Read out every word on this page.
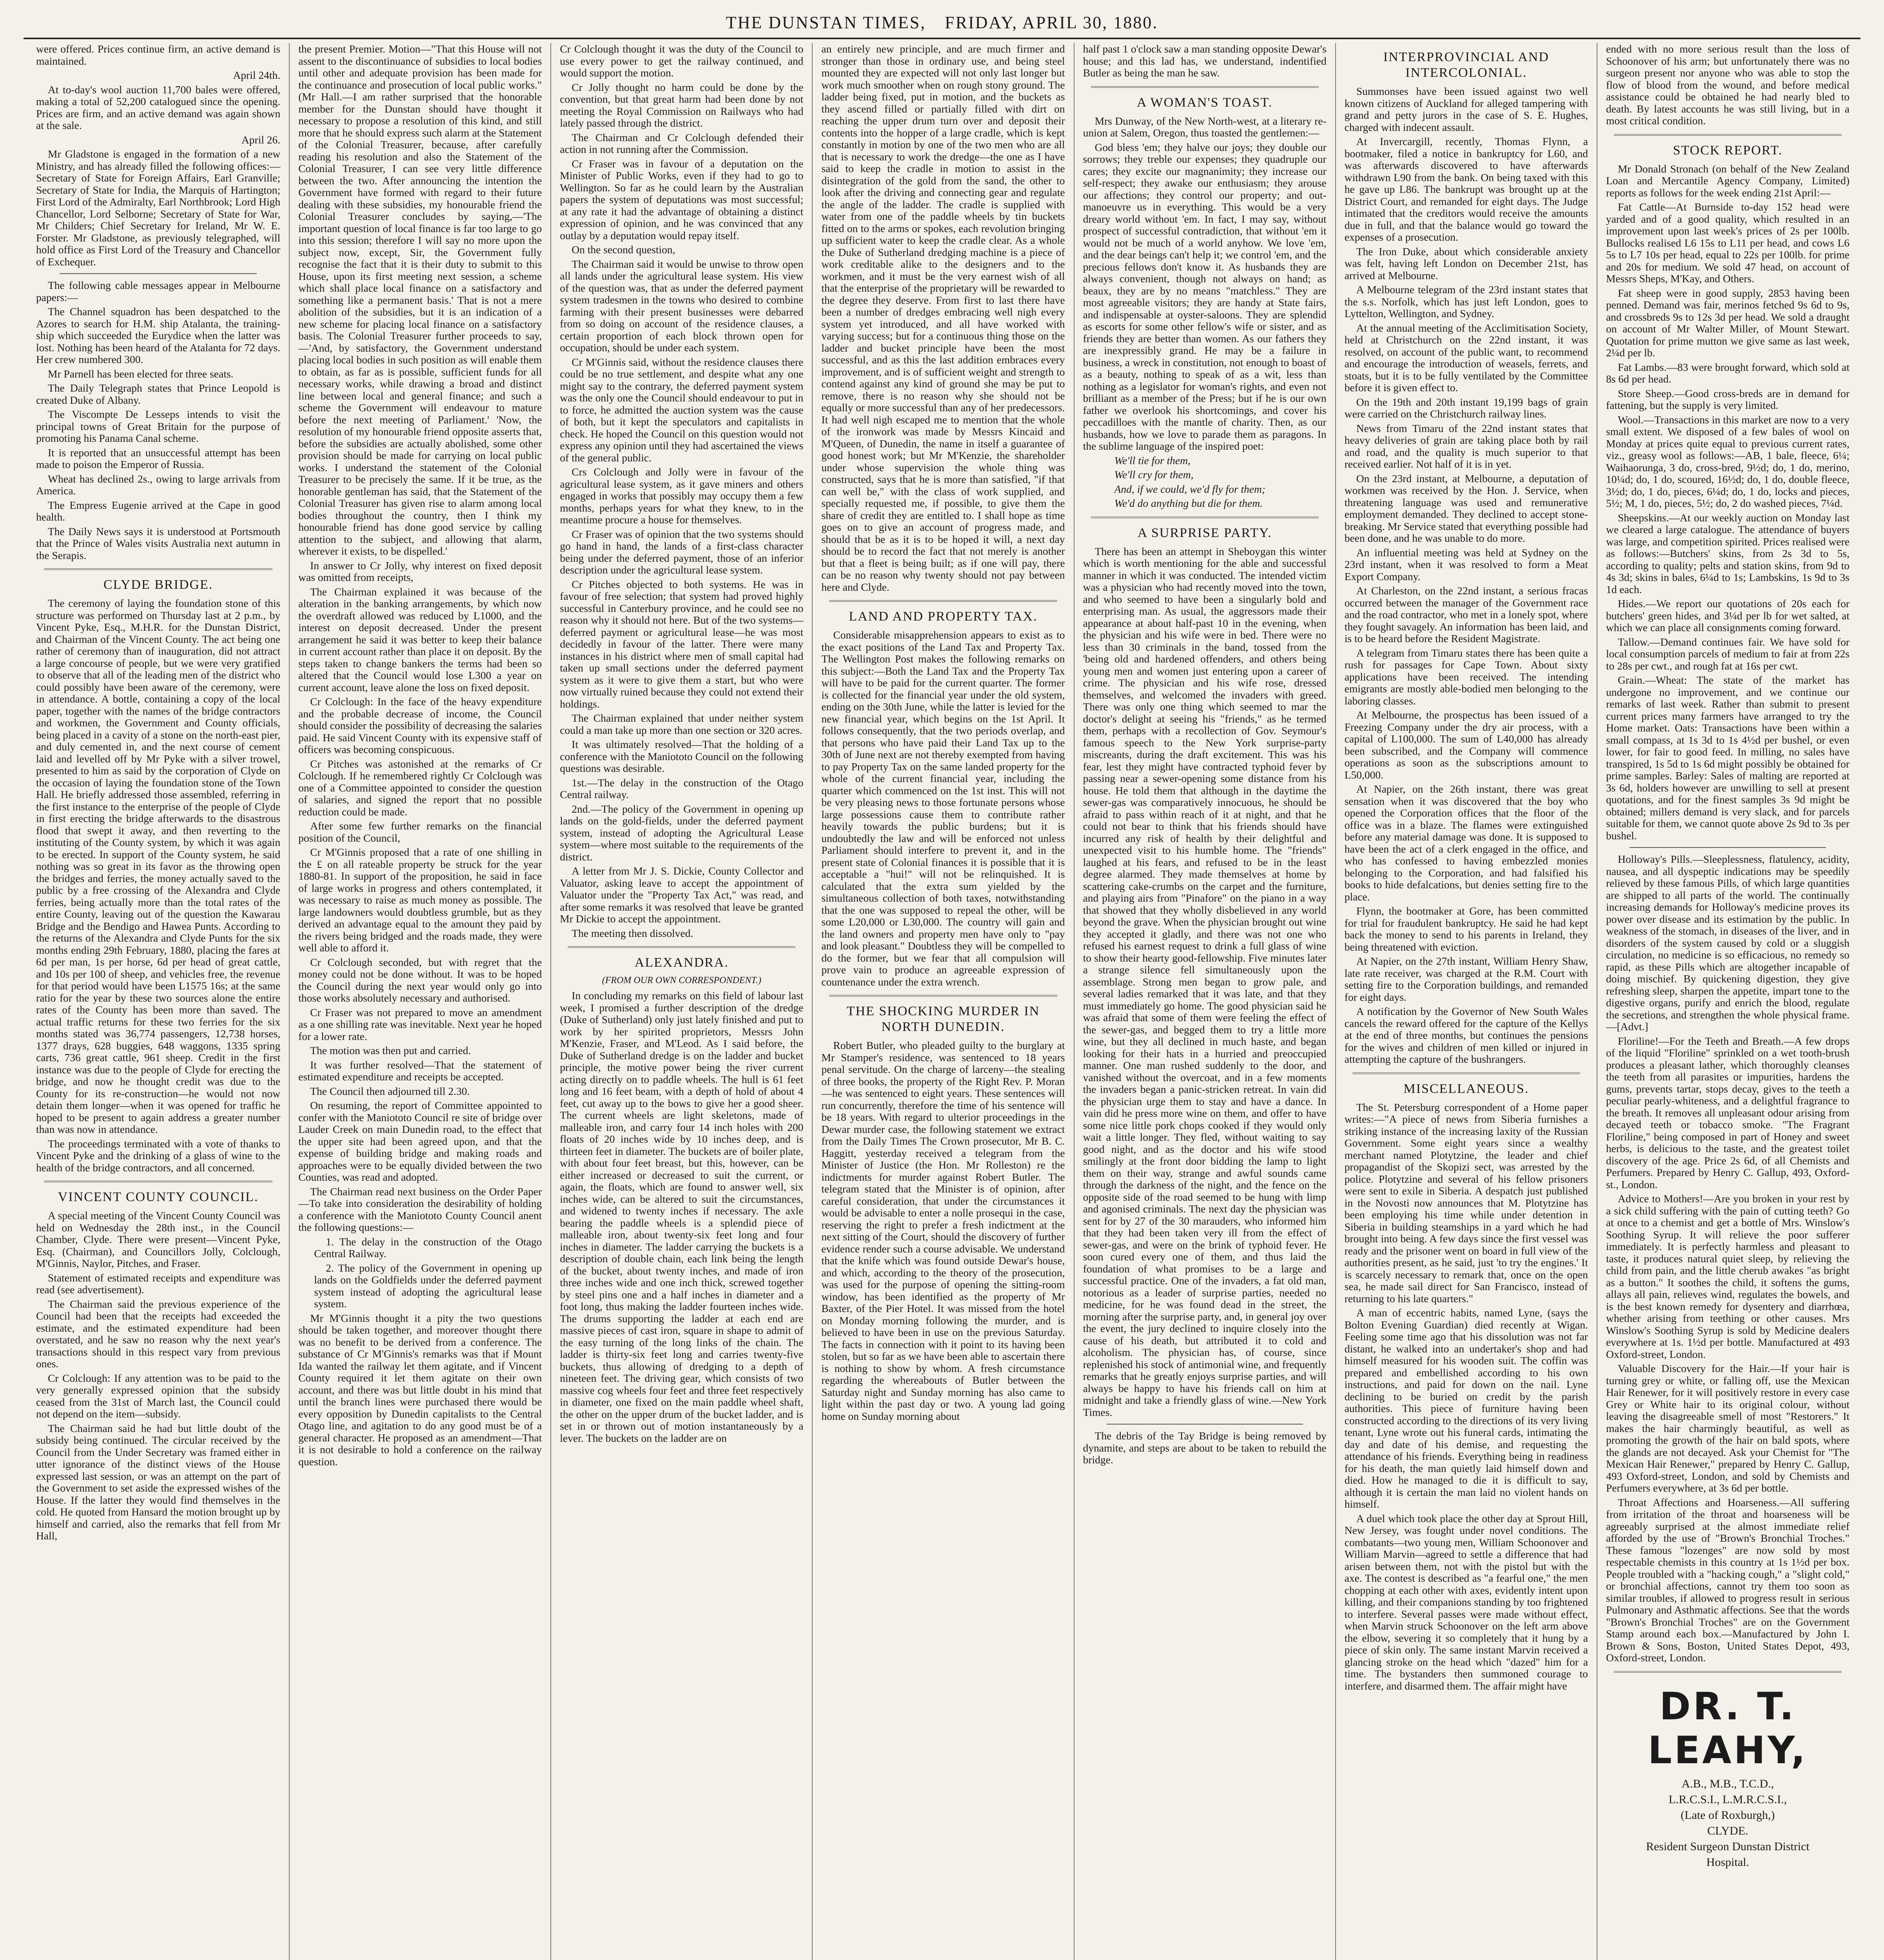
THE DUNSTAN TIMES, FRIDAY, APRIL 30, 1880.

were offered. Prices continue firm, an active demand is maintained.

April 24th.

At to-day's wool auction 11,700 bales were offered, making a total of 52,200 catalogued since the opening. Prices are firm, and an active demand was again shown at the sale.

April 26.

Mr Gladstone is engaged in the formation of a new Ministry, and has already filled the following offices:—Secretary of State for Foreign Affairs, Earl Granville; Secretary of State for India, the Marquis of Hartington; First Lord of the Admiralty, Earl Northbrook; Lord High Chancellor, Lord Selborne; Secretary of State for War, Mr Childers; Chief Secretary for Ireland, Mr W. E. Forster. Mr Gladstone, as previously telegraphed, will hold office as First Lord of the Treasury and Chancellor of Exchequer.

The following cable messages appear in Melbourne papers:—

The Channel squadron has been despatched to the Azores to search for H.M. ship Atalanta, the training-ship which succeeded the Eurydice when the latter was lost. Nothing has been heard of the Atalanta for 72 days. Her crew numbered 300.

Mr Parnell has been elected for three seats.

The Daily Telegraph states that Prince Leopold is created Duke of Albany.

The Viscompte De Lesseps intends to visit the principal towns of Great Britain for the purpose of promoting his Panama Canal scheme.

It is reported that an unsuccessful attempt has been made to poison the Emperor of Russia.

Wheat has declined 2s., owing to large arrivals from America.

The Empress Eugenie arrived at the Cape in good health.

The Daily News says it is understood at Portsmouth that the Prince of Wales visits Australia next autumn in the Serapis.

CLYDE BRIDGE.

The ceremony of laying the foundation stone of this structure was performed on Thursday last at 2 p.m., by Vincent Pyke, Esq., M.H.R. for the Dunstan District, and Chairman of the Vincent County. The act being one rather of ceremony than of inauguration, did not attract a large concourse of people, but we were very gratified to observe that all of the leading men of the district who could possibly have been aware of the ceremony, were in attendance. A bottle, containing a copy of the local paper, together with the names of the bridge contractors and workmen, the Government and County officials, being placed in a cavity of a stone on the north-east pier, and duly cemented in, and the next course of cement laid and levelled off by Mr Pyke with a silver trowel, presented to him as said by the corporation of Clyde on the occasion of laying the foundation stone of the Town Hall. He briefly addressed those assembled, referring in the first instance to the enterprise of the people of Clyde in first erecting the bridge afterwards to the disastrous flood that swept it away, and then reverting to the instituting of the County system, by which it was again to be erected. In support of the County system, he said nothing was so great in its favor as the throwing open the bridges and ferries, the money actually saved to the public by a free crossing of the Alexandra and Clyde ferries, being actually more than the total rates of the entire County, leaving out of the question the Kawarau Bridge and the Bendigo and Hawea Punts. According to the returns of the Alexandra and Clyde Punts for the six months ending 29th February, 1880, placing the fares at 6d per man, 1s per horse, 6d per head of great cattle, and 10s per 100 of sheep, and vehicles free, the revenue for that period would have been L1575 16s; at the same ratio for the year by these two sources alone the entire rates of the County has been more than saved. The actual traffic returns for these two ferries for the six months stated was 36,774 passengers, 12,738 horses, 1377 drays, 628 buggies, 648 waggons, 1335 spring carts, 736 great cattle, 961 sheep. Credit in the first instance was due to the people of Clyde for erecting the bridge, and now he thought credit was due to the County for its re-construction—he would not now detain them longer—when it was opened for traffic he hoped to be present to again address a greater number than was now in attendance.

The proceedings terminated with a vote of thanks to Vincent Pyke and the drinking of a glass of wine to the health of the bridge contractors, and all concerned.

VINCENT COUNTY COUNCIL.

A special meeting of the Vincent County Council was held on Wednesday the 28th inst., in the Council Chamber, Clyde. There were present—Vincent Pyke, Esq. (Chairman), and Councillors Jolly, Colclough, M'Ginnis, Naylor, Pitches, and Fraser.

Statement of estimated receipts and expenditure was read (see advertisement).

The Chairman said the previous experience of the Council had been that the receipts had exceeded the estimate, and the estimated expenditure had been overstated, and he saw no reason why the next year's transactions should in this respect vary from previous ones.

Cr Colclough: If any attention was to be paid to the very generally expressed opinion that the subsidy ceased from the 31st of March last, the Council could not depend on the item—subsidy.

The Chairman said he had but little doubt of the subsidy being continued. The circular received by the Council from the Under Secretary was framed either in utter ignorance of the distinct views of the House expressed last session, or was an attempt on the part of the Government to set aside the expressed wishes of the House. If the latter they would find themselves in the cold. He quoted from Hansard the motion brought up by himself and carried, also the remarks that fell from Mr Hall,

the present Premier. Motion—"That this House will not assent to the discontinuance of subsidies to local bodies until other and adequate provision has been made for the continuance and prosecution of local public works." (Mr Hall.—I am rather surprised that the honorable member for the Dunstan should have thought it necessary to propose a resolution of this kind, and still more that he should express such alarm at the Statement of the Colonial Treasurer, because, after carefully reading his resolution and also the Statement of the Colonial Treasurer, I can see very little difference between the two. After announcing the intention the Government have formed with regard to their future dealing with these subsidies, my honourable friend the Colonial Treasurer concludes by saying,—'The important question of local finance is far too large to go into this session; therefore I will say no more upon the subject now, except, Sir, the Government fully recognise the fact that it is their duty to submit to this House, upon its first meeting next session, a scheme which shall place local finance on a satisfactory and something like a permanent basis.' That is not a mere abolition of the subsidies, but it is an indication of a new scheme for placing local finance on a satisfactory basis. The Colonial Treasurer further proceeds to say,—'And, by satisfactory, the Government understand placing local bodies in such position as will enable them to obtain, as far as is possible, sufficient funds for all necessary works, while drawing a broad and distinct line between local and general finance; and such a scheme the Government will endeavour to mature before the next meeting of Parliament.' 'Now, the resolution of my honourable friend opposite asserts that, before the subsidies are actually abolished, some other provision should be made for carrying on local public works. I understand the statement of the Colonial Treasurer to be precisely the same. If it be true, as the honorable gentleman has said, that the Statement of the Colonial Treasurer has given rise to alarm among local bodies throughout the country, then I think my honourable friend has done good service by calling attention to the subject, and allowing that alarm, wherever it exists, to be dispelled.'

In answer to Cr Jolly, why interest on fixed deposit was omitted from receipts,

The Chairman explained it was because of the alteration in the banking arrangements, by which now the overdraft allowed was reduced by L1000, and the interest on deposit decreased. Under the present arrangement he said it was better to keep their balance in current account rather than place it on deposit. By the steps taken to change bankers the terms had been so altered that the Council would lose L300 a year on current account, leave alone the loss on fixed deposit.

Cr Colclough: In the face of the heavy expenditure and the probable decrease of income, the Council should consider the possibility of decreasing the salaries paid. He said Vincent County with its expensive staff of officers was becoming conspicuous.

Cr Pitches was astonished at the remarks of Cr Colclough. If he remembered rightly Cr Colclough was one of a Committee appointed to consider the question of salaries, and signed the report that no possible reduction could be made.

After some few further remarks on the financial position of the Council,

Cr M'Ginnis proposed that a rate of one shilling in the £ on all rateable property be struck for the year 1880-81. In support of the proposition, he said in face of large works in progress and others contemplated, it was necessary to raise as much money as possible. The large landowners would doubtless grumble, but as they derived an advantage equal to the amount they paid by the rivers being bridged and the roads made, they were well able to afford it.

Cr Colclough seconded, but with regret that the money could not be done without. It was to be hoped the Council during the next year would only go into those works absolutely necessary and authorised.

Cr Fraser was not prepared to move an amendment as a one shilling rate was inevitable. Next year he hoped for a lower rate.

The motion was then put and carried.

It was further resolved—That the statement of estimated expenditure and receipts be accepted.

The Council then adjourned till 2.30.

On resuming, the report of Committee appointed to confer with the Maniototo Council re site of bridge over Lauder Creek on main Dunedin road, to the effect that the upper site had been agreed upon, and that the expense of building bridge and making roads and approaches were to be equally divided between the two Counties, was read and adopted.

The Chairman read next business on the Order Paper—To take into consideration the desirability of holding a conference with the Maniototo County Council anent the following questions:—

1. The delay in the construction of the Otago Central Railway.

2. The policy of the Government in opening up lands on the Goldfields under the deferred payment system instead of adopting the agricultural lease system.

Mr M'Ginnis thought it a pity the two questions should be taken together, and moreover thought there was no benefit to be derived from a conference. The substance of Cr M'Ginnis's remarks was that if Mount Ida wanted the railway let them agitate, and if Vincent County required it let them agitate on their own account, and there was but little doubt in his mind that until the branch lines were purchased there would be every opposition by Dunedin capitalists to the Central Otago line, and agitation to do any good must be of a general character. He proposed as an amendment—That it is not desirable to hold a conference on the railway question.

Cr Colclough thought it was the duty of the Council to use every power to get the railway continued, and would support the motion.

Cr Jolly thought no harm could be done by the convention, but that great harm had been done by not meeting the Royal Commission on Railways who had lately passed through the district.

The Chairman and Cr Colclough defended their action in not running after the Commission.

Cr Fraser was in favour of a deputation on the Minister of Public Works, even if they had to go to Wellington. So far as he could learn by the Australian papers the system of deputations was most successful; at any rate it had the advantage of obtaining a distinct expression of opinion, and he was convinced that any outlay by a deputation would repay itself.

On the second question,

The Chairman said it would be unwise to throw open all lands under the agricultural lease system. His view of the question was, that as under the deferred payment system tradesmen in the towns who desired to combine farming with their present businesses were debarred from so doing on account of the residence clauses, a certain proportion of each block thrown open for occupation, should be under each system.

Cr M'Ginnis said, without the residence clauses there could be no true settlement, and despite what any one might say to the contrary, the deferred payment system was the only one the Council should endeavour to put in to force, he admitted the auction system was the cause of both, but it kept the speculators and capitalists in check. He hoped the Council on this question would not express any opinion until they had ascertained the views of the general public.

Crs Colclough and Jolly were in favour of the agricultural lease system, as it gave miners and others engaged in works that possibly may occupy them a few months, perhaps years for what they knew, to in the meantime procure a house for themselves.

Cr Fraser was of opinion that the two systems should go hand in hand, the lands of a first-class character being under the deferred payment, those of an inferior description under the agricultural lease system.

Cr Pitches objected to both systems. He was in favour of free selection; that system had proved highly successful in Canterbury province, and he could see no reason why it should not here. But of the two systems—deferred payment or agricultural lease—he was most decidedly in favour of the latter. There were many instances in his district where men of small capital had taken up small sections under the deferred payment system as it were to give them a start, but who were now virtually ruined because they could not extend their holdings.

The Chairman explained that under neither system could a man take up more than one section or 320 acres.

It was ultimately resolved—That the holding of a conference with the Maniototo Council on the following questions was desirable.

1st.—The delay in the construction of the Otago Central railway.

2nd.—The policy of the Government in opening up lands on the gold-fields, under the deferred payment system, instead of adopting the Agricultural Lease system—where most suitable to the requirements of the district.

A letter from Mr J. S. Dickie, County Collector and Valuator, asking leave to accept the appointment of Valuator under the "Property Tax Act," was read, and after some remarks it was resolved that leave be granted Mr Dickie to accept the appointment.

The meeting then dissolved.

ALEXANDRA.
(FROM OUR OWN CORRESPONDENT.)

In concluding my remarks on this field of labour last week, I promised a further description of the dredge (Duke of Sutherland) only just lately finished and put to work by her spirited proprietors, Messrs John M'Kenzie, Fraser, and M'Leod. As I said before, the Duke of Sutherland dredge is on the ladder and bucket principle, the motive power being the river current acting directly on to paddle wheels. The hull is 61 feet long and 16 feet beam, with a depth of hold of about 4 feet, cut away up to the bows to give her a good sheer. The current wheels are light skeletons, made of malleable iron, and carry four 14 inch holes with 200 floats of 20 inches wide by 10 inches deep, and is thirteen feet in diameter. The buckets are of boiler plate, with about four feet breast, but this, however, can be either increased or decreased to suit the current, or again, the floats, which are found to answer well, six inches wide, can be altered to suit the circumstances, and widened to twenty inches if necessary. The axle bearing the paddle wheels is a splendid piece of malleable iron, about twenty-six feet long and four inches in diameter. The ladder carrying the buckets is a description of double chain, each link being the length of the bucket, about twenty inches, and made of iron three inches wide and one inch thick, screwed together by steel pins one and a half inches in diameter and a foot long, thus making the ladder fourteen inches wide. The drums supporting the ladder at each end are massive pieces of cast iron, square in shape to admit of the easy turning of the long links of the chain. The ladder is thirty-six feet long and carries twenty-five buckets, thus allowing of dredging to a depth of nineteen feet. The driving gear, which consists of two massive cog wheels four feet and three feet respectively in diameter, one fixed on the main paddle wheel shaft, the other on the upper drum of the bucket ladder, and is set in or thrown out of motion instantaneously by a lever. The buckets on the ladder are on

an entirely new principle, and are much firmer and stronger than those in ordinary use, and being steel mounted they are expected will not only last longer but work much smoother when on rough stony ground. The ladder being fixed, put in motion, and the buckets as they ascend filled or partially filled with dirt on reaching the upper drum turn over and deposit their contents into the hopper of a large cradle, which is kept constantly in motion by one of the two men who are all that is necessary to work the dredge—the one as I have said to keep the cradle in motion to assist in the disintegration of the gold from the sand, the other to look after the driving and connecting gear and regulate the angle of the ladder. The cradle is supplied with water from one of the paddle wheels by tin buckets fitted on to the arms or spokes, each revolution bringing up sufficient water to keep the cradle clear. As a whole the Duke of Sutherland dredging machine is a piece of work creditable alike to the designers and to the workmen, and it must be the very earnest wish of all that the enterprise of the proprietary will be rewarded to the degree they deserve. From first to last there have been a number of dredges embracing well nigh every system yet introduced, and all have worked with varying success; but for a continuous thing those on the ladder and bucket principle have been the most successful, and as this the last addition embraces every improvement, and is of sufficient weight and strength to contend against any kind of ground she may be put to remove, there is no reason why she should not be equally or more successful than any of her predecessors. It had well nigh escaped me to mention that the whole of the ironwork was made by Messrs Kincaid and M'Queen, of Dunedin, the name in itself a guarantee of good honest work; but Mr M'Kenzie, the shareholder under whose supervision the whole thing was constructed, says that he is more than satisfied, "if that can well be," with the class of work supplied, and specially requested me, if possible, to give them the share of credit they are entitled to. I shall hope as time goes on to give an account of progress made, and should that be as it is to be hoped it will, a next day should be to record the fact that not merely is another but that a fleet is being built; as if one will pay, there can be no reason why twenty should not pay between here and Clyde.

LAND AND PROPERTY TAX.

Considerable misapprehension appears to exist as to the exact positions of the Land Tax and Property Tax. The Wellington Post makes the following remarks on this subject:—Both the Land Tax and the Property Tax will have to be paid for the current quarter. The former is collected for the financial year under the old system, ending on the 30th June, while the latter is levied for the new financial year, which begins on the 1st April. It follows consequently, that the two periods overlap, and that persons who have paid their Land Tax up to the 30th of June next are not thereby exempted from having to pay Property Tax on the same landed property for the whole of the current financial year, including the quarter which commenced on the 1st inst. This will not be very pleasing news to those fortunate persons whose large possessions cause them to contribute rather heavily towards the public burdens; but it is undoubtedly the law and will be enforced not unless Parliament should interfere to prevent it, and in the present state of Colonial finances it is possible that it is acceptable a "hui!" will not be relinquished. It is calculated that the extra sum yielded by the simultaneous collection of both taxes, notwithstanding that the one was supposed to repeal the other, will be some L20,000 or L30,000. The country will gain and the land owners and property men have only to "pay and look pleasant." Doubtless they will be compelled to do the former, but we fear that all compulsion will prove vain to produce an agreeable expression of countenance under the extra wrench.

THE SHOCKING MURDER IN NORTH DUNEDIN.

Robert Butler, who pleaded guilty to the burglary at Mr Stamper's residence, was sentenced to 18 years penal servitude. On the charge of larceny—the stealing of three books, the property of the Right Rev. P. Moran—he was sentenced to eight years. These sentences will run concurrently, therefore the time of his sentence will be 18 years. With regard to ulterior proceedings in the Dewar murder case, the following statement we extract from the Daily Times The Crown prosecutor, Mr B. C. Haggitt, yesterday received a telegram from the Minister of Justice (the Hon. Mr Rolleston) re the indictments for murder against Robert Butler. The telegram stated that the Minister is of opinion, after careful consideration, that under the circumstances it would be advisable to enter a nolle prosequi in the case, reserving the right to prefer a fresh indictment at the next sitting of the Court, should the discovery of further evidence render such a course advisable. We understand that the knife which was found outside Dewar's house, and which, according to the theory of the prosecution, was used for the purpose of opening the sitting-room window, has been identified as the property of Mr Baxter, of the Pier Hotel. It was missed from the hotel on Monday morning following the murder, and is believed to have been in use on the previous Saturday. The facts in connection with it point to its having been stolen, but so far as we have been able to ascertain there is nothing to show by whom. A fresh circumstance regarding the whereabouts of Butler between the Saturday night and Sunday morning has also came to light within the past day or two. A young lad going home on Sunday morning about

half past 1 o'clock saw a man standing opposite Dewar's house; and this lad has, we understand, indentified Butler as being the man he saw.

A WOMAN'S TOAST.

Mrs Dunway, of the New North-west, at a literary re-union at Salem, Oregon, thus toasted the gentlemen:—

God bless 'em; they halve our joys; they double our sorrows; they treble our expenses; they quadruple our cares; they excite our magnanimity; they increase our self-respect; they awake our enthusiasm; they arouse our affections; they control our property; and out-manoeuvre us in everything. This would be a very dreary world without 'em. In fact, I may say, without prospect of successful contradiction, that without 'em it would not be much of a world anyhow. We love 'em, and the dear beings can't help it; we control 'em, and the precious fellows don't know it. As husbands they are always convenient, though not always on hand; as beaux, they are by no means "matchless." They are most agreeable visitors; they are handy at State fairs, and indispensable at oyster-saloons. They are splendid as escorts for some other fellow's wife or sister, and as friends they are better than women. As our fathers they are inexpressibly grand. He may be a failure in business, a wreck in constitution, not enough to boast of as a beauty, nothing to speak of as a wit, less than nothing as a legislator for woman's rights, and even not brilliant as a member of the Press; but if he is our own father we overlook his shortcomings, and cover his peccadilloes with the mantle of charity. Then, as our husbands, how we love to parade them as paragons. In the sublime language of the inspired poet:

We'll tie for them,

We'll cry for them,

And, if we could, we'd fly for them;

We'd do anything but die for them.

A SURPRISE PARTY.

There has been an attempt in Sheboygan this winter which is worth mentioning for the able and successful manner in which it was conducted. The intended victim was a physician who had recently moved into the town, and who seemed to have been a singularly bold and enterprising man. As usual, the aggressors made their appearance at about half-past 10 in the evening, when the physician and his wife were in bed. There were no less than 30 criminals in the band, tossed from the 'being old and hardened offenders, and others being young men and women just entering upon a career of crime. The physician and his wife rose, dressed themselves, and welcomed the invaders with greed. There was only one thing which seemed to mar the doctor's delight at seeing his "friends," as he termed them, perhaps with a recollection of Gov. Seymour's famous speech to the New York surprise-party miscreants, during the draft excitement. This was his fear, lest they might have contracted typhoid fever by passing near a sewer-opening some distance from his house. He told them that although in the daytime the sewer-gas was comparatively innocuous, he should be afraid to pass within reach of it at night, and that he could not bear to think that his friends should have incurred any risk of health by their delightful and unexpected visit to his humble home. The "friends" laughed at his fears, and refused to be in the least degree alarmed. They made themselves at home by scattering cake-crumbs on the carpet and the furniture, and playing airs from "Pinafore" on the piano in a way that showed that they wholly disbelieved in any world beyond the grave. When the physician brought out wine they accepted it gladly, and there was not one who refused his earnest request to drink a full glass of wine to show their hearty good-fellowship. Five minutes later a strange silence fell simultaneously upon the assemblage. Strong men began to grow pale, and several ladies remarked that it was late, and that they must immediately go home. The good physician said he was afraid that some of them were feeling the effect of the sewer-gas, and begged them to try a little more wine, but they all declined in much haste, and began looking for their hats in a hurried and preoccupied manner. One man rushed suddenly to the door, and vanished without the overcoat, and in a few moments the invaders began a panic-stricken retreat. In vain did the physician urge them to stay and have a dance. In vain did he press more wine on them, and offer to have some nice little pork chops cooked if they would only wait a little longer. They fled, without waiting to say good night, and as the doctor and his wife stood smilingly at the front door bidding the lamp to light them on their way, strange and awful sounds came through the darkness of the night, and the fence on the opposite side of the road seemed to be hung with limp and agonised criminals. The next day the physician was sent for by 27 of the 30 marauders, who informed him that they had been taken very ill from the effect of sewer-gas, and were on the brink of typhoid fever. He soon cured every one of them, and thus laid the foundation of what promises to be a large and successful practice. One of the invaders, a fat old man, notorious as a leader of surprise parties, needed no medicine, for he was found dead in the street, the morning after the surprise party, and, in general joy over the event, the jury declined to inquire closely into the cause of his death, but attributed it to cold and alcoholism. The physician has, of course, since replenished his stock of antimonial wine, and frequently remarks that he greatly enjoys surprise parties, and will always be happy to have his friends call on him at midnight and take a friendly glass of wine.—New York Times.

The debris of the Tay Bridge is being removed by dynamite, and steps are about to be taken to rebuild the bridge.

INTERPROVINCIAL AND INTERCOLONIAL.

Summonses have been issued against two well known citizens of Auckland for alleged tampering with grand and petty jurors in the case of S. E. Hughes, charged with indecent assault.

At Invercargill, recently, Thomas Flynn, a bootmaker, filed a notice in bankruptcy for L60, and was afterwards discovered to have afterwards withdrawn L90 from the bank. On being taxed with this he gave up L86. The bankrupt was brought up at the District Court, and remanded for eight days. The Judge intimated that the creditors would receive the amounts due in full, and that the balance would go toward the expenses of a prosecution.

The Iron Duke, about which considerable anxiety was felt, having left London on December 21st, has arrived at Melbourne.

A Melbourne telegram of the 23rd instant states that the s.s. Norfolk, which has just left London, goes to Lyttelton, Wellington, and Sydney.

At the annual meeting of the Acclimitisation Society, held at Christchurch on the 22nd instant, it was resolved, on account of the public want, to recommend and encourage the introduction of weasels, ferrets, and stoats, but it is to be fully ventilated by the Committee before it is given effect to.

On the 19th and 20th instant 19,199 bags of grain were carried on the Christchurch railway lines.

News from Timaru of the 22nd instant states that heavy deliveries of grain are taking place both by rail and road, and the quality is much superior to that received earlier. Not half of it is in yet.

On the 23rd instant, at Melbourne, a deputation of workmen was received by the Hon. J. Service, when threatening language was used and remunerative employment demanded. They declined to accept stone-breaking. Mr Service stated that everything possible had been done, and he was unable to do more.

An influential meeting was held at Sydney on the 23rd instant, when it was resolved to form a Meat Export Company.

At Charleston, on the 22nd instant, a serious fracas occurred between the manager of the Government race and the road contractor, who met in a lonely spot, where they fought savagely. An information has been laid, and is to be heard before the Resident Magistrate.

A telegram from Timaru states there has been quite a rush for passages for Cape Town. About sixty applications have been received. The intending emigrants are mostly able-bodied men belonging to the laboring classes.

At Melbourne, the prospectus has been issued of a Freezing Company under the dry air process, with a capital of L100,000. The sum of L40,000 has already been subscribed, and the Company will commence operations as soon as the subscriptions amount to L50,000.

At Napier, on the 26th instant, there was great sensation when it was discovered that the boy who opened the Corporation offices that the floor of the office was in a blaze. The flames were extinguished before any material damage was done. It is supposed to have been the act of a clerk engaged in the office, and who has confessed to having embezzled monies belonging to the Corporation, and had falsified his books to hide defalcations, but denies setting fire to the place.

Flynn, the bootmaker at Gore, has been committed for trial for fraudulent bankruptcy. He said he had kept back the money to send to his parents in Ireland, they being threatened with eviction.

At Napier, on the 27th instant, William Henry Shaw, late rate receiver, was charged at the R.M. Court with setting fire to the Corporation buildings, and remanded for eight days.

A notification by the Governor of New South Wales cancels the reward offered for the capture of the Kellys at the end of three months, but continues the pensions for the wives and children of men killed or injured in attempting the capture of the bushrangers.

MISCELLANEOUS.

The St. Petersburg correspondent of a Home paper writes:—"A piece of news from Siberia furnishes a striking instance of the increasing laxity of the Russian Government. Some eight years since a wealthy merchant named Plotytzine, the leader and chief propagandist of the Skopizi sect, was arrested by the police. Plotytzine and several of his fellow prisoners were sent to exile in Siberia. A despatch just published in the Novosti now announces that M. Plotytzine has been employing his time while under detention in Siberia in building steamships in a yard which he had brought into being. A few days since the first vessel was ready and the prisoner went on board in full view of the authorities present, as he said, just 'to try the engines.' It is scarcely necessary to remark that, once on the open sea, he made sail direct for San Francisco, instead of returning to his late quarters."

A man of eccentric habits, named Lyne, (says the Bolton Evening Guardian) died recently at Wigan. Feeling some time ago that his dissolution was not far distant, he walked into an undertaker's shop and had himself measured for his wooden suit. The coffin was prepared and embellished according to his own instructions, and paid for down on the nail. Lyne declining to be buried on credit by the parish authorities. This piece of furniture having been constructed according to the directions of its very living tenant, Lyne wrote out his funeral cards, intimating the day and date of his demise, and requesting the attendance of his friends. Everything being in readiness for his death, the man quietly laid himself down and died. How he managed to die it is difficult to say, although it is certain the man laid no violent hands on himself.

A duel which took place the other day at Sprout Hill, New Jersey, was fought under novel conditions. The combatants—two young men, William Schoonover and William Marvin—agreed to settle a difference that had arisen between them, not with the pistol but with the axe. The contest is described as "a fearful one," the men chopping at each other with axes, evidently intent upon killing, and their companions standing by too frightened to interfere. Several passes were made without effect, when Marvin struck Schoonover on the left arm above the elbow, severing it so completely that it hung by a piece of skin only. The same instant Marvin received a glancing stroke on the head which "dazed" him for a time. The bystanders then summoned courage to interfere, and disarmed them. The affair might have

ended with no more serious result than the loss of Schoonover of his arm; but unfortunately there was no surgeon present nor anyone who was able to stop the flow of blood from the wound, and before medical assistance could be obtained he had nearly bled to death. By latest accounts he was still living, but in a most critical condition.

STOCK REPORT.

Mr Donald Stronach (on behalf of the New Zealand Loan and Mercantile Agency Company, Limited) reports as follows for the week ending 21st April:—

Fat Cattle—At Burnside to-day 152 head were yarded and of a good quality, which resulted in an improvement upon last week's prices of 2s per 100lb. Bullocks realised L6 15s to L11 per head, and cows L6 5s to L7 10s per head, equal to 22s per 100lb. for prime and 20s for medium. We sold 47 head, on account of Messrs Sheps, M'Kay, and Others.

Fat sheep were in good supply, 2853 having been penned. Demand was fair, merinos fetched 9s 6d to 9s, and crossbreds 9s to 12s 3d per head. We sold a draught on account of Mr Walter Miller, of Mount Stewart. Quotation for prime mutton we give same as last week, 2¼d per lb.

Fat Lambs.—83 were brought forward, which sold at 8s 6d per head.

Store Sheep.—Good cross-breds are in demand for fattening, but the supply is very limited.

Wool.—Transactions in this market are now to a very small extent. We disposed of a few bales of wool on Monday at prices quite equal to previous current rates, viz., greasy wool as follows:—AB, 1 bale, fleece, 6¼; Waihaorunga, 3 do, cross-bred, 9½d; do, 1 do, merino, 10¼d; do, 1 do, scoured, 16½d; do, 1 do, double fleece, 3½d; do, 1 do, pieces, 6¼d; do, 1 do, locks and pieces, 5½; M, 1 do, pieces, 5½; do, 2 do washed pieces, 7¼d.

Sheepskins.—At our weekly auction on Monday last we cleared a large catalogue. The attendance of buyers was large, and competition spirited. Prices realised were as follows:—Butchers' skins, from 2s 3d to 5s, according to quality; pelts and station skins, from 9d to 4s 3d; skins in bales, 6¼d to 1s; Lambskins, 1s 9d to 3s 1d each.

Hides.—We report our quotations of 20s each for butchers' green hides, and 3¼d per lb for wet salted, at which we can place all consignments coming forward.

Tallow.—Demand continues fair. We have sold for local consumption parcels of medium to fair at from 22s to 28s per cwt., and rough fat at 16s per cwt.

Grain.—Wheat: The state of the market has undergone no improvement, and we continue our remarks of last week. Rather than submit to present current prices many farmers have arranged to try the Home market. Oats: Transactions have been within a small compass, at 1s 3d to 1s 4½d per bushel, or even lower, for fair to good feed. In milling, no sales have transpired, 1s 5d to 1s 6d might possibly be obtained for prime samples. Barley: Sales of malting are reported at 3s 6d, holders however are unwilling to sell at present quotations, and for the finest samples 3s 9d might be obtained; millers demand is very slack, and for parcels suitable for them, we cannot quote above 2s 9d to 3s per bushel.

Holloway's Pills.—Sleeplessness, flatulency, acidity, nausea, and all dyspeptic indications may be speedily relieved by these famous Pills, of which large quantities are shipped to all parts of the world. The continually increasing demands for Holloway's medicine proves its power over disease and its estimation by the public. In weakness of the stomach, in diseases of the liver, and in disorders of the system caused by cold or a sluggish circulation, no medicine is so efficacious, no remedy so rapid, as these Pills which are altogether incapable of doing mischief. By quickening digestion, they give refreshing sleep, sharpen the appetite, impart tone to the digestive organs, purify and enrich the blood, regulate the secretions, and strengthen the whole physical frame.—[Advt.]

Floriline!—For the Teeth and Breath.—A few drops of the liquid "Floriline" sprinkled on a wet tooth-brush produces a pleasant lather, which thoroughly cleanses the teeth from all parasites or impurities, hardens the gums, prevents tartar, stops decay, gives to the teeth a peculiar pearly-whiteness, and a delightful fragrance to the breath. It removes all unpleasant odour arising from decayed teeth or tobacco smoke. "The Fragrant Floriline," being composed in part of Honey and sweet herbs, is delicious to the taste, and the greatest toilet discovery of the age. Price 2s 6d, of all Chemists and Perfumers. Prepared by Henry C. Gallup, 493, Oxford-st., London.

Advice to Mothers!—Are you broken in your rest by a sick child suffering with the pain of cutting teeth? Go at once to a chemist and get a bottle of Mrs. Winslow's Soothing Syrup. It will relieve the poor sufferer immediately. It is perfectly harmless and pleasant to taste, it produces natural quiet sleep, by relieving the child from pain, and the little cherub awakes "as bright as a button." It soothes the child, it softens the gums, allays all pain, relieves wind, regulates the bowels, and is the best known remedy for dysentery and diarrhœa, whether arising from teething or other causes. Mrs Winslow's Soothing Syrup is sold by Medicine dealers everywhere at 1s. 1½d per bottle. Manufactured at 493 Oxford-street, London.

Valuable Discovery for the Hair.—If your hair is turning grey or white, or falling off, use the Mexican Hair Renewer, for it will positively restore in every case Grey or White hair to its original colour, without leaving the disagreeable smell of most "Restorers." It makes the hair charmingly beautiful, as well as promoting the growth of the hair on bald spots, where the glands are not decayed. Ask your Chemist for "The Mexican Hair Renewer," prepared by Henry C. Gallup, 493 Oxford-street, London, and sold by Chemists and Perfumers everywhere, at 3s 6d per bottle.

Throat Affections and Hoarseness.—All suffering from irritation of the throat and hoarseness will be agreeably surprised at the almost immediate relief afforded by the use of "Brown's Bronchial Troches." These famous "lozenges" are now sold by most respectable chemists in this country at 1s 1½d per box. People troubled with a "hacking cough," a "slight cold," or bronchial affections, cannot try them too soon as similar troubles, if allowed to progress result in serious Pulmonary and Asthmatic affections. See that the words "Brown's Bronchial Troches" are on the Government Stamp around each box.—Manufactured by John I. Brown & Sons, Boston, United States Depot, 493, Oxford-street, London.

DR. T. LEAHY,
A.B., M.B., T.C.D.,
L.R.C.S.I., L.M.R.C.S.I.,
(Late of Roxburgh,)
CLYDE.
Resident Surgeon Dunstan District
Hospital.
